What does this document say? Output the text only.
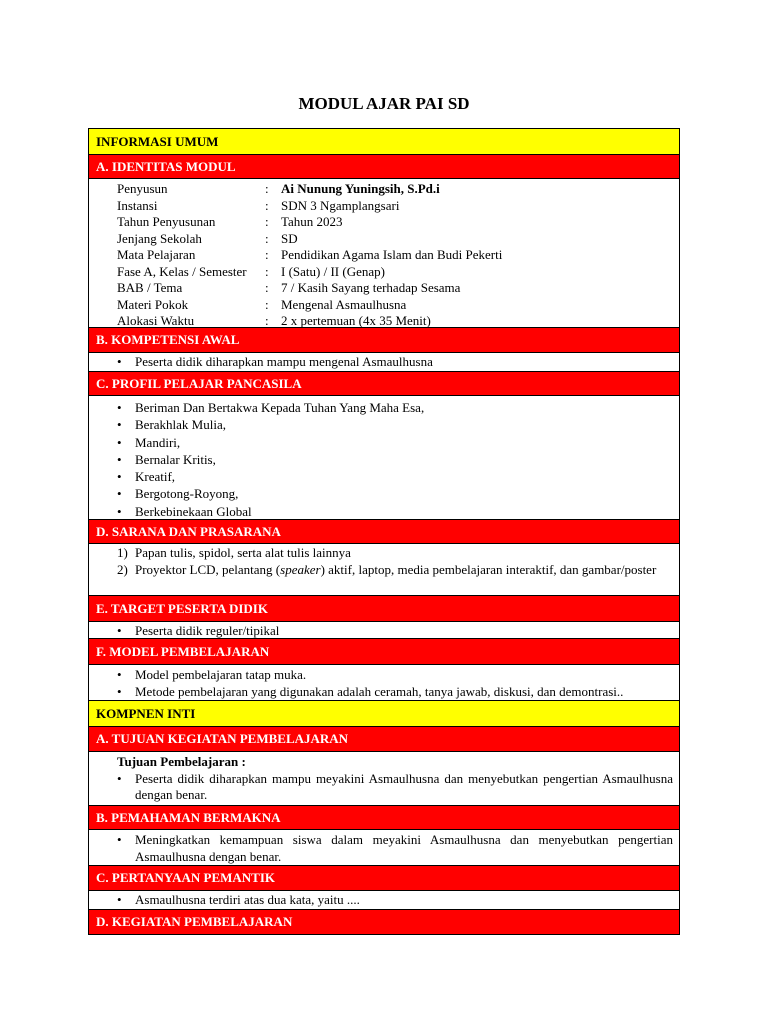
MODUL AJAR PAI SD
INFORMASI UMUM
A. IDENTITAS MODUL
Penyusun	: Ai Nunung Yuningsih, S.Pd.i
Instansi	: SDN 3 Ngamplangsari
Tahun Penyusunan	: Tahun 2023
Jenjang Sekolah	: SD
Mata Pelajaran	: Pendidikan Agama Islam dan Budi Pekerti
Fase A, Kelas / Semester	: I (Satu) / II (Genap)
BAB / Tema	: 7 / Kasih Sayang terhadap Sesama
Materi Pokok	: Mengenal Asmaulhusna
Alokasi Waktu	: 2 x pertemuan (4x 35 Menit)
B. KOMPETENSI AWAL
•	Peserta didik diharapkan mampu mengenal Asmaulhusna
C. PROFIL PELAJAR PANCASILA
•	Beriman Dan Bertakwa Kepada Tuhan Yang Maha Esa,
•	Berakhlak Mulia,
•	Mandiri,
•	Bernalar Kritis,
•	Kreatif,
•	Bergotong-Royong,
•	Berkebinekaan Global
D. SARANA DAN PRASARANA
1) Papan tulis, spidol, serta alat tulis lainnya
2) Proyektor LCD, pelantang (speaker) aktif, laptop, media pembelajaran interaktif, dan gambar/poster
E. TARGET PESERTA DIDIK
•	Peserta didik reguler/tipikal
F. MODEL PEMBELAJARAN
•	Model pembelajaran tatap muka.
•	Metode pembelajaran yang digunakan adalah ceramah, tanya jawab, diskusi, dan demontrasi..
KOMPNEN INTI
A. TUJUAN KEGIATAN PEMBELAJARAN
Tujuan Pembelajaran :
•	Peserta didik diharapkan mampu meyakini Asmaulhusna dan menyebutkan pengertian Asmaulhusna dengan benar.
B. PEMAHAMAN BERMAKNA
•	Meningkatkan kemampuan siswa dalam meyakini Asmaulhusna dan menyebutkan pengertian Asmaulhusna dengan benar.
C. PERTANYAAN PEMANTIK
•	Asmaulhusna terdiri atas dua kata, yaitu ....
D. KEGIATAN PEMBELAJARAN
